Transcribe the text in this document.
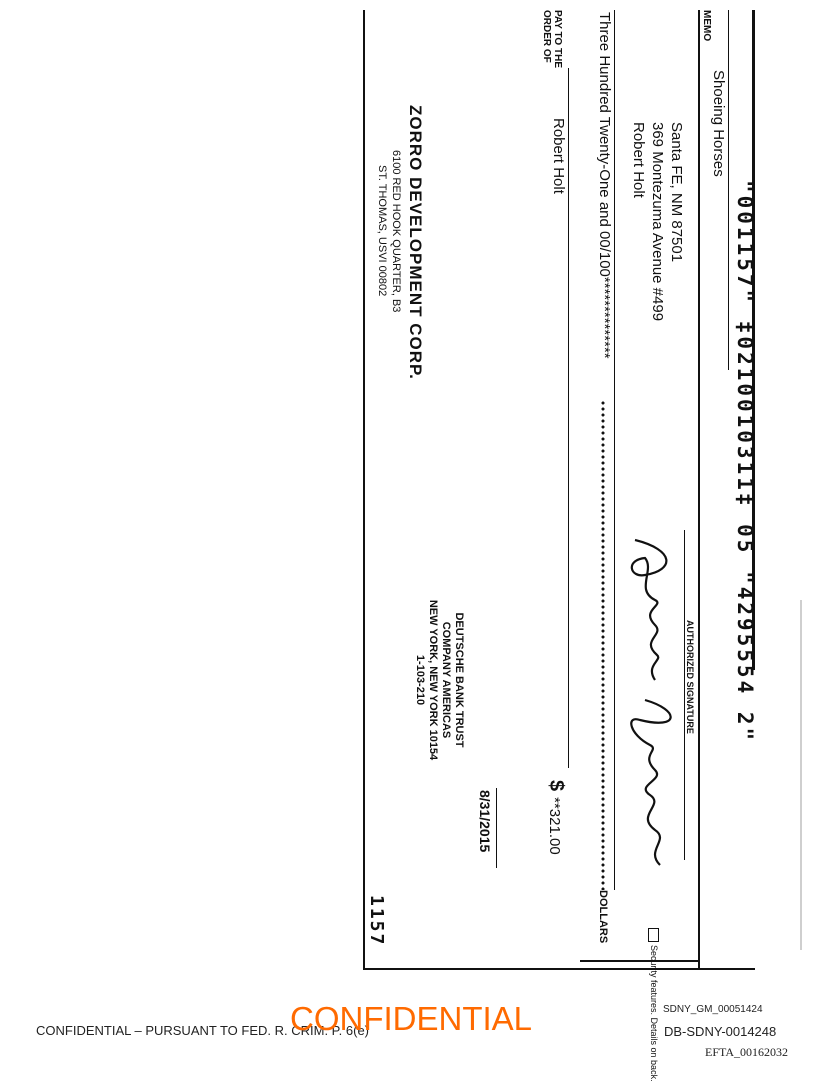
ZORRO DEVELOPMENT CORP.
6100 RED HOOK QUARTER, B3
ST. THOMAS, USVI 00802
DEUTSCHE BANK TRUST
COMPANY AMERICAS
NEW YORK, NEW YORK 10154
1-103-210
1157
8/31/2015
PAY TO THE ORDER OF
Robert Holt
$**321.00
Three Hundred Twenty-One and 00/100**************
DOLLARS
Robert Holt 369 Montezuma Avenue #499 Santa FE, NM 87501
MEMO
Shoeing Horses
AUTHORIZED SIGNATURE "001157" ‡0210010311‡ 05 "4295554 2"
Security features. Details on back.
CONFIDENTIAL – PURSUANT TO FED. R. CRIM. P. 6(e)
CONFIDENTIAL	SDNY_GM_00051424
DB-SDNY-0014248
EFTA_00162032
